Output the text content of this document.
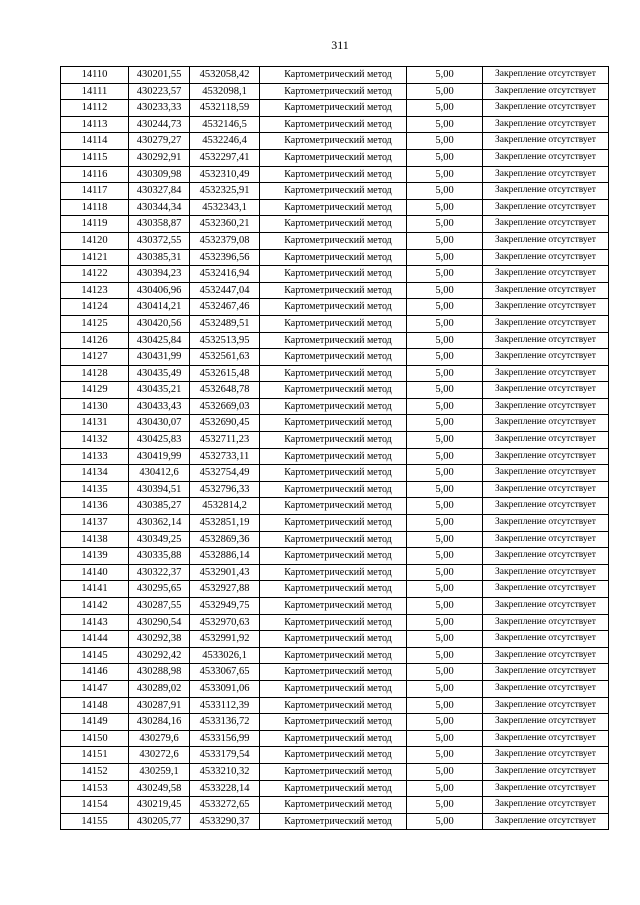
311
14110	430201,55	4532058,42	Картометрический метод	5,00	Закрепление отсутствует
14111	430223,57	4532098,1	Картометрический метод	5,00	Закрепление отсутствует
14112	430233,33	4532118,59	Картометрический метод	5,00	Закрепление отсутствует
14113	430244,73	4532146,5	Картометрический метод	5,00	Закрепление отсутствует
14114	430279,27	4532246,4	Картометрический метод	5,00	Закрепление отсутствует
14115	430292,91	4532297,41	Картометрический метод	5,00	Закрепление отсутствует
14116	430309,98	4532310,49	Картометрический метод	5,00	Закрепление отсутствует
14117	430327,84	4532325,91	Картометрический метод	5,00	Закрепление отсутствует
14118	430344,34	4532343,1	Картометрический метод	5,00	Закрепление отсутствует
14119	430358,87	4532360,21	Картометрический метод	5,00	Закрепление отсутствует
14120	430372,55	4532379,08	Картометрический метод	5,00	Закрепление отсутствует
14121	430385,31	4532396,56	Картометрический метод	5,00	Закрепление отсутствует
14122	430394,23	4532416,94	Картометрический метод	5,00	Закрепление отсутствует
14123	430406,96	4532447,04	Картометрический метод	5,00	Закрепление отсутствует
14124	430414,21	4532467,46	Картометрический метод	5,00	Закрепление отсутствует
14125	430420,56	4532489,51	Картометрический метод	5,00	Закрепление отсутствует
14126	430425,84	4532513,95	Картометрический метод	5,00	Закрепление отсутствует
14127	430431,99	4532561,63	Картометрический метод	5,00	Закрепление отсутствует
14128	430435,49	4532615,48	Картометрический метод	5,00	Закрепление отсутствует
14129	430435,21	4532648,78	Картометрический метод	5,00	Закрепление отсутствует
14130	430433,43	4532669,03	Картометрический метод	5,00	Закрепление отсутствует
14131	430430,07	4532690,45	Картометрический метод	5,00	Закрепление отсутствует
14132	430425,83	4532711,23	Картометрический метод	5,00	Закрепление отсутствует
14133	430419,99	4532733,11	Картометрический метод	5,00	Закрепление отсутствует
14134	430412,6	4532754,49	Картометрический метод	5,00	Закрепление отсутствует
14135	430394,51	4532796,33	Картометрический метод	5,00	Закрепление отсутствует
14136	430385,27	4532814,2	Картометрический метод	5,00	Закрепление отсутствует
14137	430362,14	4532851,19	Картометрический метод	5,00	Закрепление отсутствует
14138	430349,25	4532869,36	Картометрический метод	5,00	Закрепление отсутствует
14139	430335,88	4532886,14	Картометрический метод	5,00	Закрепление отсутствует
14140	430322,37	4532901,43	Картометрический метод	5,00	Закрепление отсутствует
14141	430295,65	4532927,88	Картометрический метод	5,00	Закрепление отсутствует
14142	430287,55	4532949,75	Картометрический метод	5,00	Закрепление отсутствует
14143	430290,54	4532970,63	Картометрический метод	5,00	Закрепление отсутствует
14144	430292,38	4532991,92	Картометрический метод	5,00	Закрепление отсутствует
14145	430292,42	4533026,1	Картометрический метод	5,00	Закрепление отсутствует
14146	430288,98	4533067,65	Картометрический метод	5,00	Закрепление отсутствует
14147	430289,02	4533091,06	Картометрический метод	5,00	Закрепление отсутствует
14148	430287,91	4533112,39	Картометрический метод	5,00	Закрепление отсутствует
14149	430284,16	4533136,72	Картометрический метод	5,00	Закрепление отсутствует
14150	430279,6	4533156,99	Картометрический метод	5,00	Закрепление отсутствует
14151	430272,6	4533179,54	Картометрический метод	5,00	Закрепление отсутствует
14152	430259,1	4533210,32	Картометрический метод	5,00	Закрепление отсутствует
14153	430249,58	4533228,14	Картометрический метод	5,00	Закрепление отсутствует
14154	430219,45	4533272,65	Картометрический метод	5,00	Закрепление отсутствует
14155	430205,77	4533290,37	Картометрический метод	5,00	Закрепление отсутствует
